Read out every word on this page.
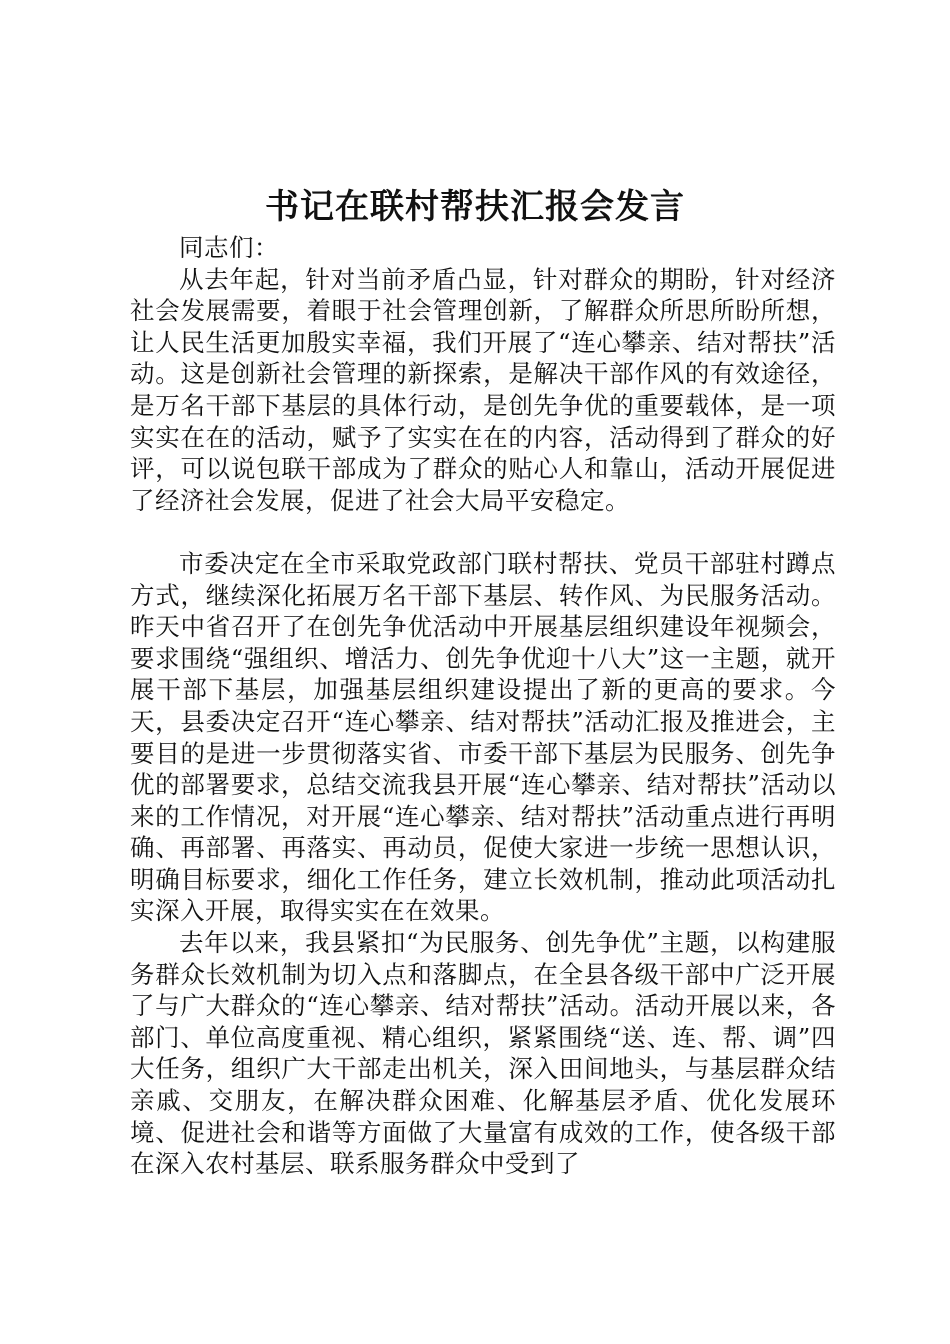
书记在联村帮扶汇报会发言

同志们：

从去年起，针对当前矛盾凸显，针对群众的期盼，针对经济社会发展需要，着眼于社会管理创新，了解群众所思所盼所想，让人民生活更加殷实幸福，我们开展了“连心攀亲、结对帮扶”活动。这是创新社会管理的新探索，是解决干部作风的有效途径，是万名干部下基层的具体行动，是创先争优的重要载体，是一项实实在在的活动，赋予了实实在在的内容，活动得到了群众的好评，可以说包联干部成为了群众的贴心人和靠山，活动开展促进了经济社会发展，促进了社会大局平安稳定。

市委决定在全市采取党政部门联村帮扶、党员干部驻村蹲点方式，继续深化拓展万名干部下基层、转作风、为民服务活动。昨天中省召开了在创先争优活动中开展基层组织建设年视频会，要求围绕“强组织、增活力、创先争优迎十八大”这一主题，就开展干部下基层，加强基层组织建设提出了新的更高的要求。今天，县委决定召开“连心攀亲、结对帮扶”活动汇报及推进会，主要目的是进一步贯彻落实省、市委干部下基层为民服务、创先争优的部署要求，总结交流我县开展“连心攀亲、结对帮扶”活动以来的工作情况，对开展“连心攀亲、结对帮扶”活动重点进行再明确、再部署、再落实、再动员，促使大家进一步统一思想认识，明确目标要求，细化工作任务，建立长效机制，推动此项活动扎实深入开展，取得实实在在效果。

去年以来，我县紧扣“为民服务、创先争优”主题，以构建服务群众长效机制为切入点和落脚点，在全县各级干部中广泛开展了与广大群众的“连心攀亲、结对帮扶”活动。活动开展以来，各部门、单位高度重视、精心组织，紧紧围绕“送、连、帮、调”四大任务，组织广大干部走出机关，深入田间地头，与基层群众结亲戚、交朋友，在解决群众困难、化解基层矛盾、优化发展环境、促进社会和谐等方面做了大量富有成效的工作，使各级干部在深入农村基层、联系服务群众中受到了
